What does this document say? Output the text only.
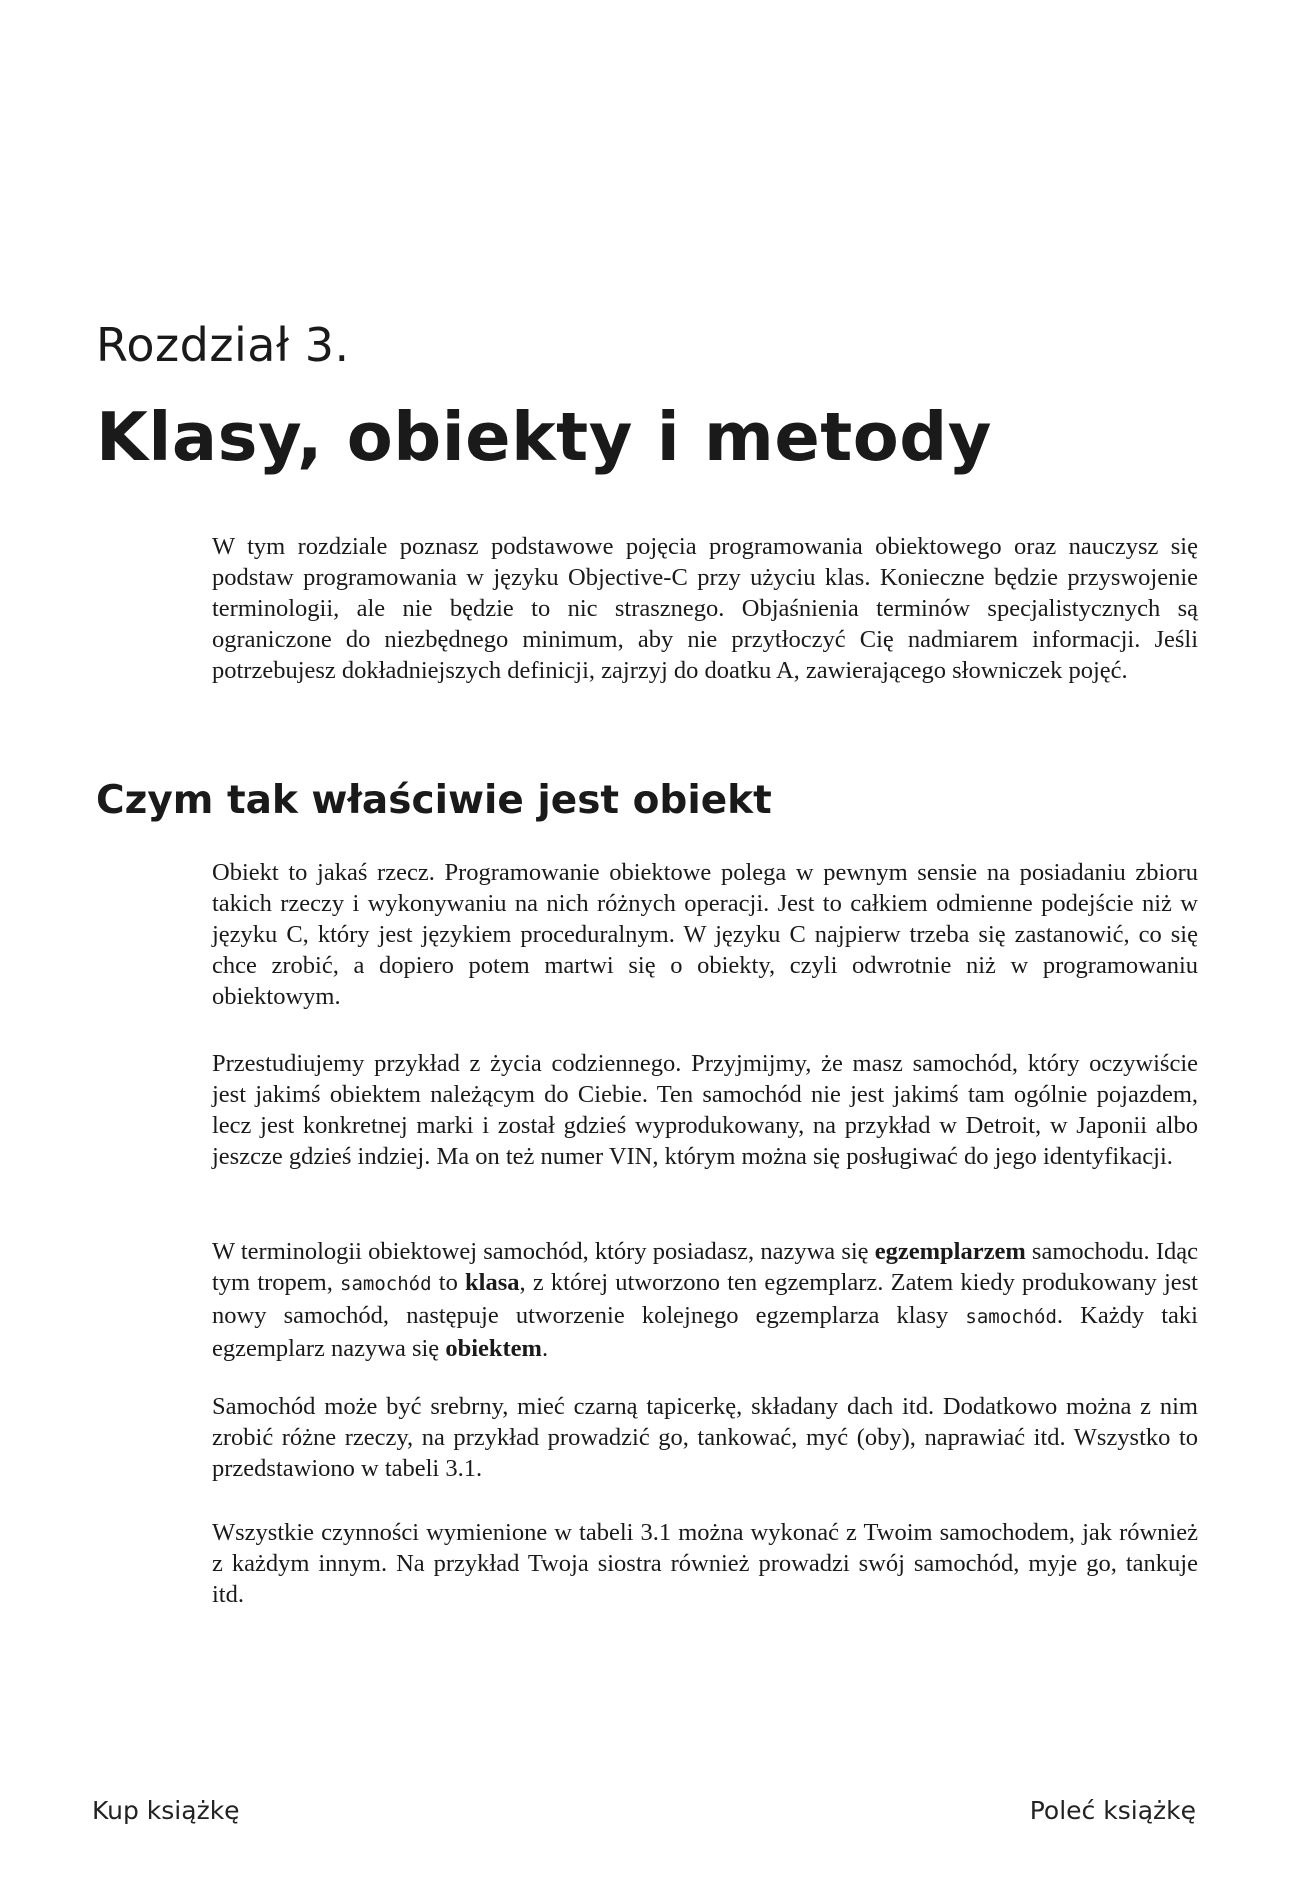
Rozdział 3.
Klasy, obiekty i metody

W tym rozdziale poznasz podstawowe pojęcia programowania obiektowego oraz nauczysz się podstaw programowania w języku Objective-C przy użyciu klas. Konieczne będzie przyswojenie terminologii, ale nie będzie to nic strasznego. Objaśnienia terminów specjalistycznych są ograniczone do niezbędnego minimum, aby nie przytłoczyć Cię nadmiarem informacji. Jeśli potrzebujesz dokładniejszych definicji, zajrzyj do doatku A, zawierającego słowniczek pojęć.

Czym tak właściwie jest obiekt

Obiekt to jakaś rzecz. Programowanie obiektowe polega w pewnym sensie na posiadaniu zbioru takich rzeczy i wykonywaniu na nich różnych operacji. Jest to całkiem odmienne podejście niż w języku C, który jest językiem proceduralnym. W języku C najpierw trzeba się zastanowić, co się chce zrobić, a dopiero potem martwi się o obiekty, czyli odwrotnie niż w programowaniu obiektowym.

Przestudiujemy przykład z życia codziennego. Przyjmijmy, że masz samochód, który oczywiście jest jakimś obiektem należącym do Ciebie. Ten samochód nie jest jakimś tam ogólnie pojazdem, lecz jest konkretnej marki i został gdzieś wyprodukowany, na przykład w Detroit, w Japonii albo jeszcze gdzieś indziej. Ma on też numer VIN, którym można się posługiwać do jego identyfikacji.

W terminologii obiektowej samochód, który posiadasz, nazywa się egzemplarzem samochodu. Idąc tym tropem, samochód to klasa, z której utworzono ten egzemplarz. Zatem kiedy produkowany jest nowy samochód, następuje utworzenie kolejnego egzemplarza klasy samochód. Każdy taki egzemplarz nazywa się obiektem.

Samochód może być srebrny, mieć czarną tapicerkę, składany dach itd. Dodatkowo można z nim zrobić różne rzeczy, na przykład prowadzić go, tankować, myć (oby), naprawiać itd. Wszystko to przedstawiono w tabeli 3.1.

Wszystkie czynności wymienione w tabeli 3.1 można wykonać z Twoim samochodem, jak również z każdym innym. Na przykład Twoja siostra również prowadzi swój samochód, myje go, tankuje itd.

Kup książkę	Poleć książkę
